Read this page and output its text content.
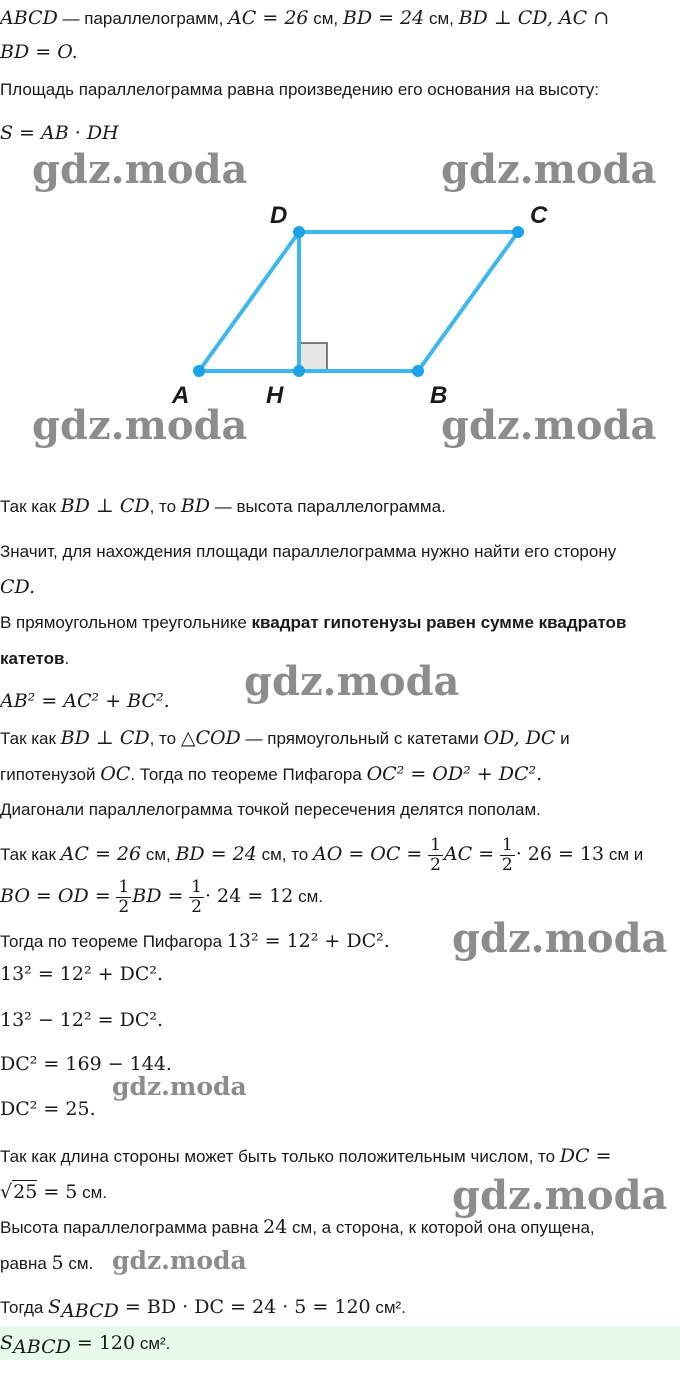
ABCD — параллелограмм, AC = 26 см, BD = 24 см, BD ⊥ CD, AC ∩
BD = O.
Площадь параллелограмма равна произведению его основания на высоту:
S = AB · DH
gdz.moda	gdz.moda
A	H	B
C
D
gdz.moda	gdz.moda
Так как BD ⊥ CD, то BD — высота параллелограмма.
Значит, для нахождения площади параллелограмма нужно найти его сторону
CD.
В прямоугольном треугольнике квадрат гипотенузы равен сумме квадратов
катетов.	gdz.moda
AB² = AC² + BC².
Так как BD ⊥ CD, то △COD — прямоугольный с катетами OD, DC и
гипотенузой OC. Тогда по теореме Пифагора OC² = OD² + DC².
Диагонали параллелограмма точкой пересечения делятся пополам.
Так как AC = 26 см, BD = 24 см, то AO = OC = $\frac{1}{2}$ AC = $\frac{1}{2} \cdot 26 = 13$ см и
BO = OD = $\frac{1}{2}$ BD = $\frac{1}{2} \cdot 24 = 12$ см.
Тогда по теореме Пифагора 13² = 12² + DC². gdz.moda
13² = 12² + DC².
13² − 12² = DC².
DC² = 169 − 144.
gdz.moda
DC² = 25.
Так как длина стороны может быть только положительным числом, то DC =
√25 = 5 см.	gdz.moda
Высота параллелограмма равна 24 см, а сторона, к которой она опущена,
равна 5 см. gdz.moda
Тогда $S_{ABCD}$ = BD · DC = 24 · 5 = 120 см².
$S_{ABCD} = 120$ см².
